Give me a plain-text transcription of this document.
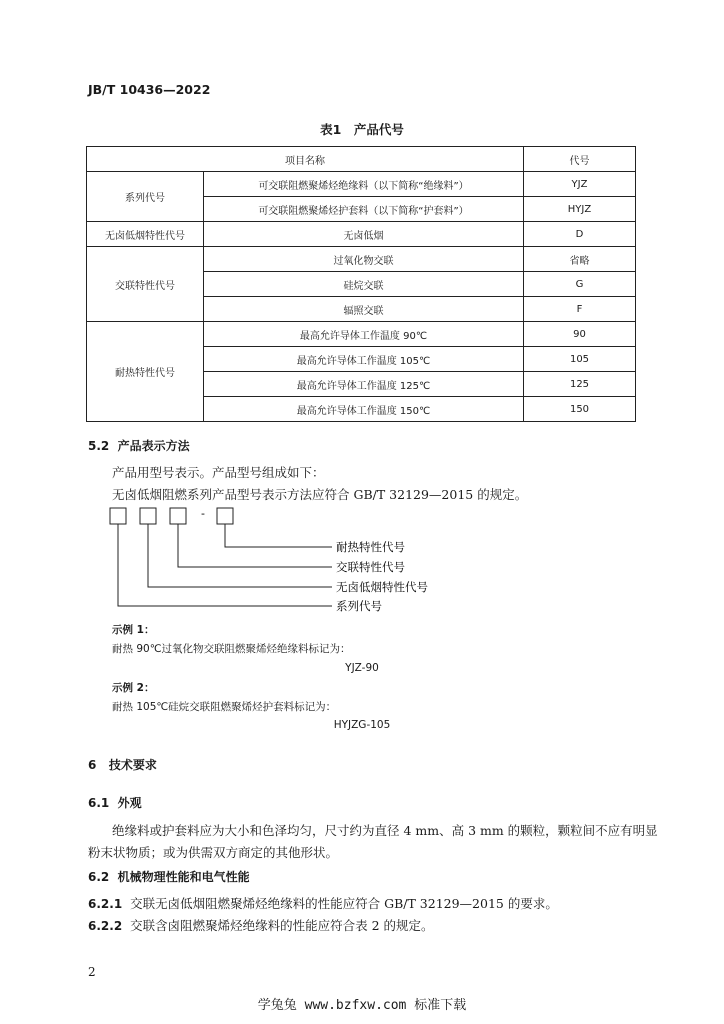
JB/T 10436—2022
表1　产品代号
项目名称		代号
系列代号	可交联阻燃聚烯烃绝缘料（以下简称“绝缘料”）	YJZ
	可交联阻燃聚烯烃护套料（以下简称“护套料”）	HYJZ
无卤低烟特性代号	无卤低烟	D
交联特性代号	过氧化物交联	省略
	硅烷交联	G
	辐照交联	F
耐热特性代号	最高允许导体工作温度 90℃	90
	最高允许导体工作温度 105℃	105
	最高允许导体工作温度 125℃	125
	最高允许导体工作温度 150℃	150
5.2 产品表示方法
产品用型号表示。产品型号组成如下：
无卤低烟阻燃系列产品型号表示方法应符合 GB/T 32129—2015 的规定。
-
耐热特性代号
交联特性代号
无卤低烟特性代号
系列代号
示例 1：
耐热 90℃过氧化物交联阻燃聚烯烃绝缘料标记为：
YJZ-90
示例 2：
耐热 105℃硅烷交联阻燃聚烯烃护套料标记为：
HYJZG-105
6 技术要求
6.1 外观
绝缘料或护套料应为大小和色泽均匀，尺寸约为直径 4 mm、高 3 mm 的颗粒，颗粒间不应有明显
粉末状物质；或为供需双方商定的其他形状。
6.2 机械物理性能和电气性能
6.2.1 交联无卤低烟阻燃聚烯烃绝缘料的性能应符合 GB/T 32129—2015 的要求。
6.2.2 交联含卤阻燃聚烯烃绝缘料的性能应符合表 2 的规定。
2
学兔兔 www.bzfxw.com 标准下载
